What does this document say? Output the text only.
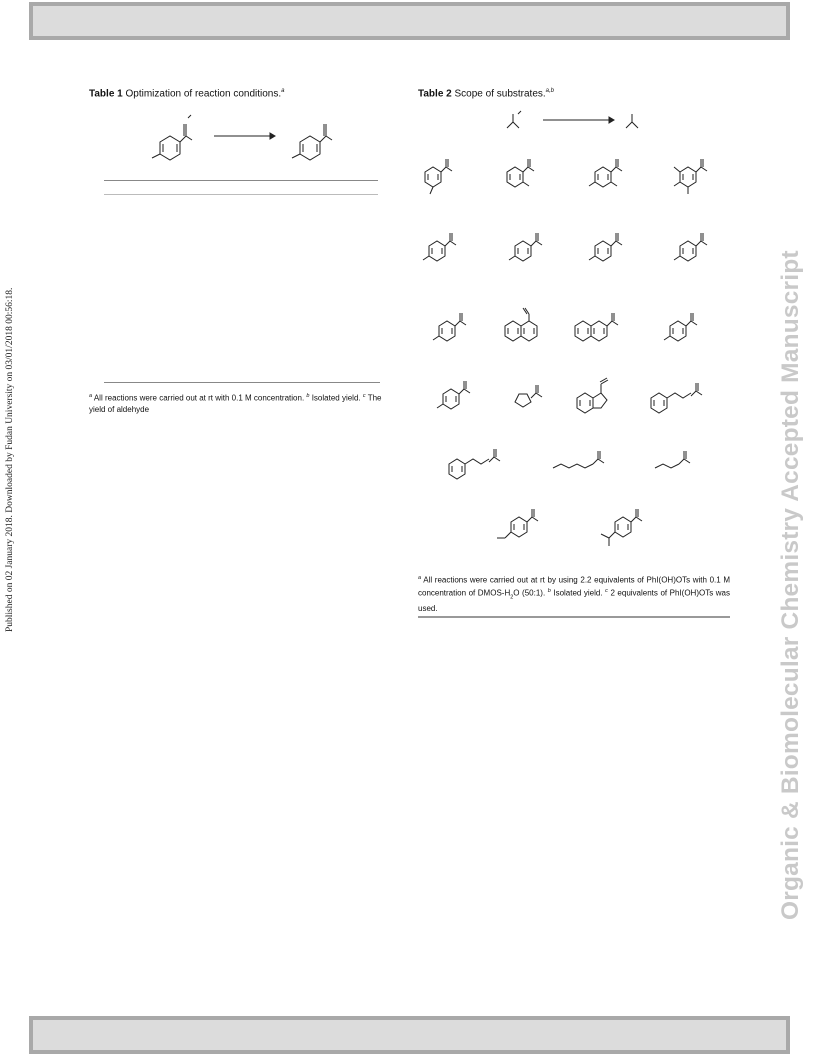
Published on 02 January 2018. Downloaded by Fudan University on 03/01/2018 00:56:18.	Organic & Biomolecular Chemistry Accepted Manuscript
Table 1 Optimization of reaction conditions.$^a$
$^a$ All reactions were carried out at rt with 0.1 M concentration. $^b$ Isolated yield. $^c$ The yield of aldehyde
Table 2 Scope of substrates.$^{a,b}$
$^a$ All reactions were carried out at rt by using 2.2 equivalents of PhI(OH)OTs with 0.1 M concentration of DMOS-$H_2O$ (50:1). $^b$ Isolated yield. $^c$ 2 equivalents of PhI(OH)OTs was used.
